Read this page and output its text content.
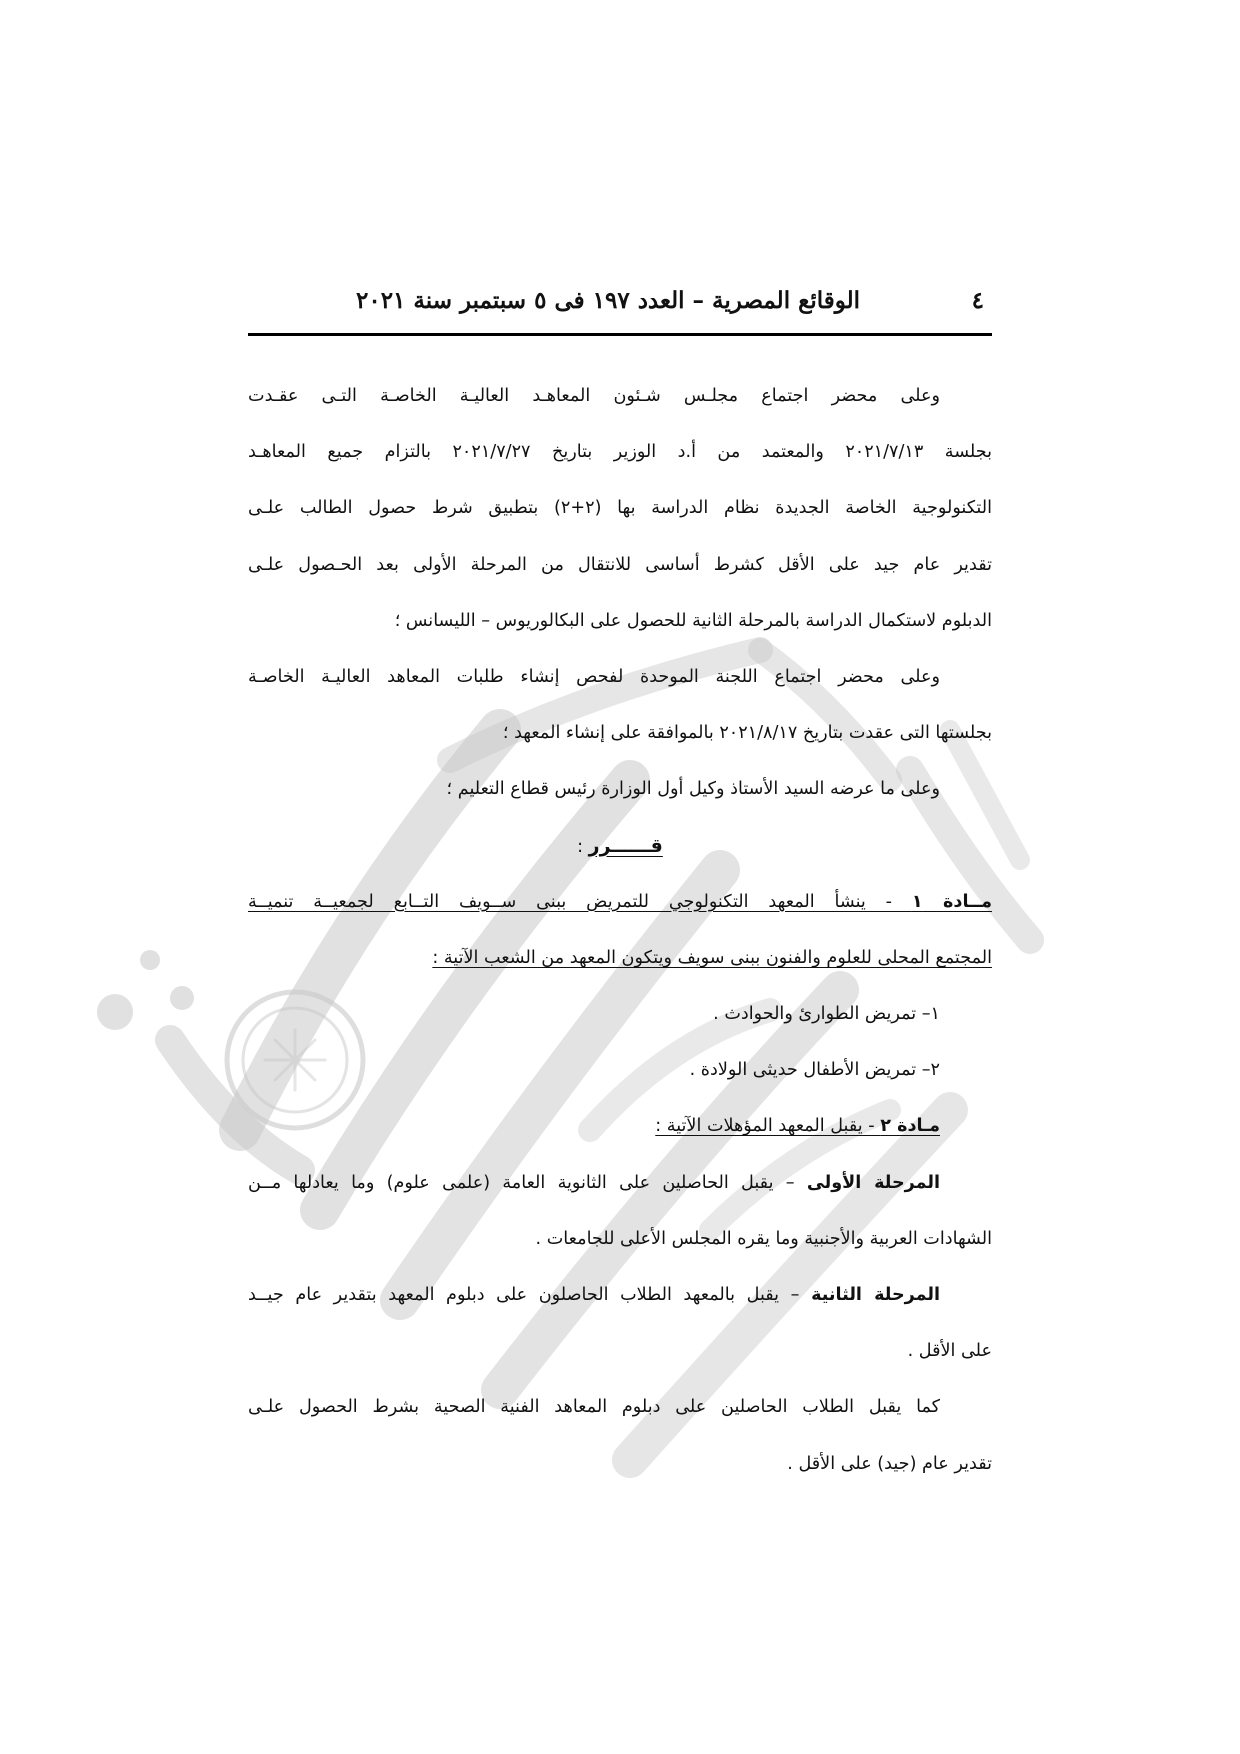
٤
الوقائع المصرية – العدد ١٩٧ فى ٥ سبتمبر سنة ٢٠٢١
وعلى محضر اجتماع مجلـس شـئون المعاهـد العاليـة الخاصـة التـى عقـدت
بجلسة ٢٠٢١/٧/١٣ والمعتمد من أ.د الوزير بتاريخ ٢٠٢١/٧/٢٧ بالتزام جميع المعاهـد
التكنولوجية الخاصة الجديدة نظام الدراسة بها (٢+٢) بتطبيق شرط حصول الطالب علـى
تقدير عام جيد على الأقل كشرط أساسى للانتقال من المرحلة الأولى بعد الحـصول علـى
الدبلوم لاستكمال الدراسة بالمرحلة الثانية للحصول على البكالوريوس – الليسانس ؛
وعلى محضر اجتماع اللجنة الموحدة لفحص إنشاء طلبات المعاهد العاليـة الخاصـة
بجلستها التى عقدت بتاريخ ٢٠٢١/٨/١٧ بالموافقة على إنشاء المعهد ؛
وعلى ما عرضه السيد الأستاذ وكيل أول الوزارة رئيس قطاع التعليم ؛
قــــــرر :
مــادة ١ - ينشأ المعهد التكنولوجي للتمريض ببنى ســويف التــابع لجمعيــة تنميــة
المجتمع المحلى للعلوم والفنون ببنى سويف ويتكون المعهد من الشعب الآتية :
١– تمريض الطوارئ والحوادث .
٢– تمريض الأطفال حديثى الولادة .
مـادة ٢ - يقبل المعهد المؤهلات الآتية :
المرحلة الأولى – يقبل الحاصلين على الثانوية العامة (علمى علوم) وما يعادلها مــن
الشهادات العربية والأجنبية وما يقره المجلس الأعلى للجامعات .
المرحلة الثانية – يقبل بالمعهد الطلاب الحاصلون على دبلوم المعهد بتقدير عام جيــد
على الأقل .
كما يقبل الطلاب الحاصلين على دبلوم المعاهد الفنية الصحية بشرط الحصول علـى
تقدير عام (جيد) على الأقل .
